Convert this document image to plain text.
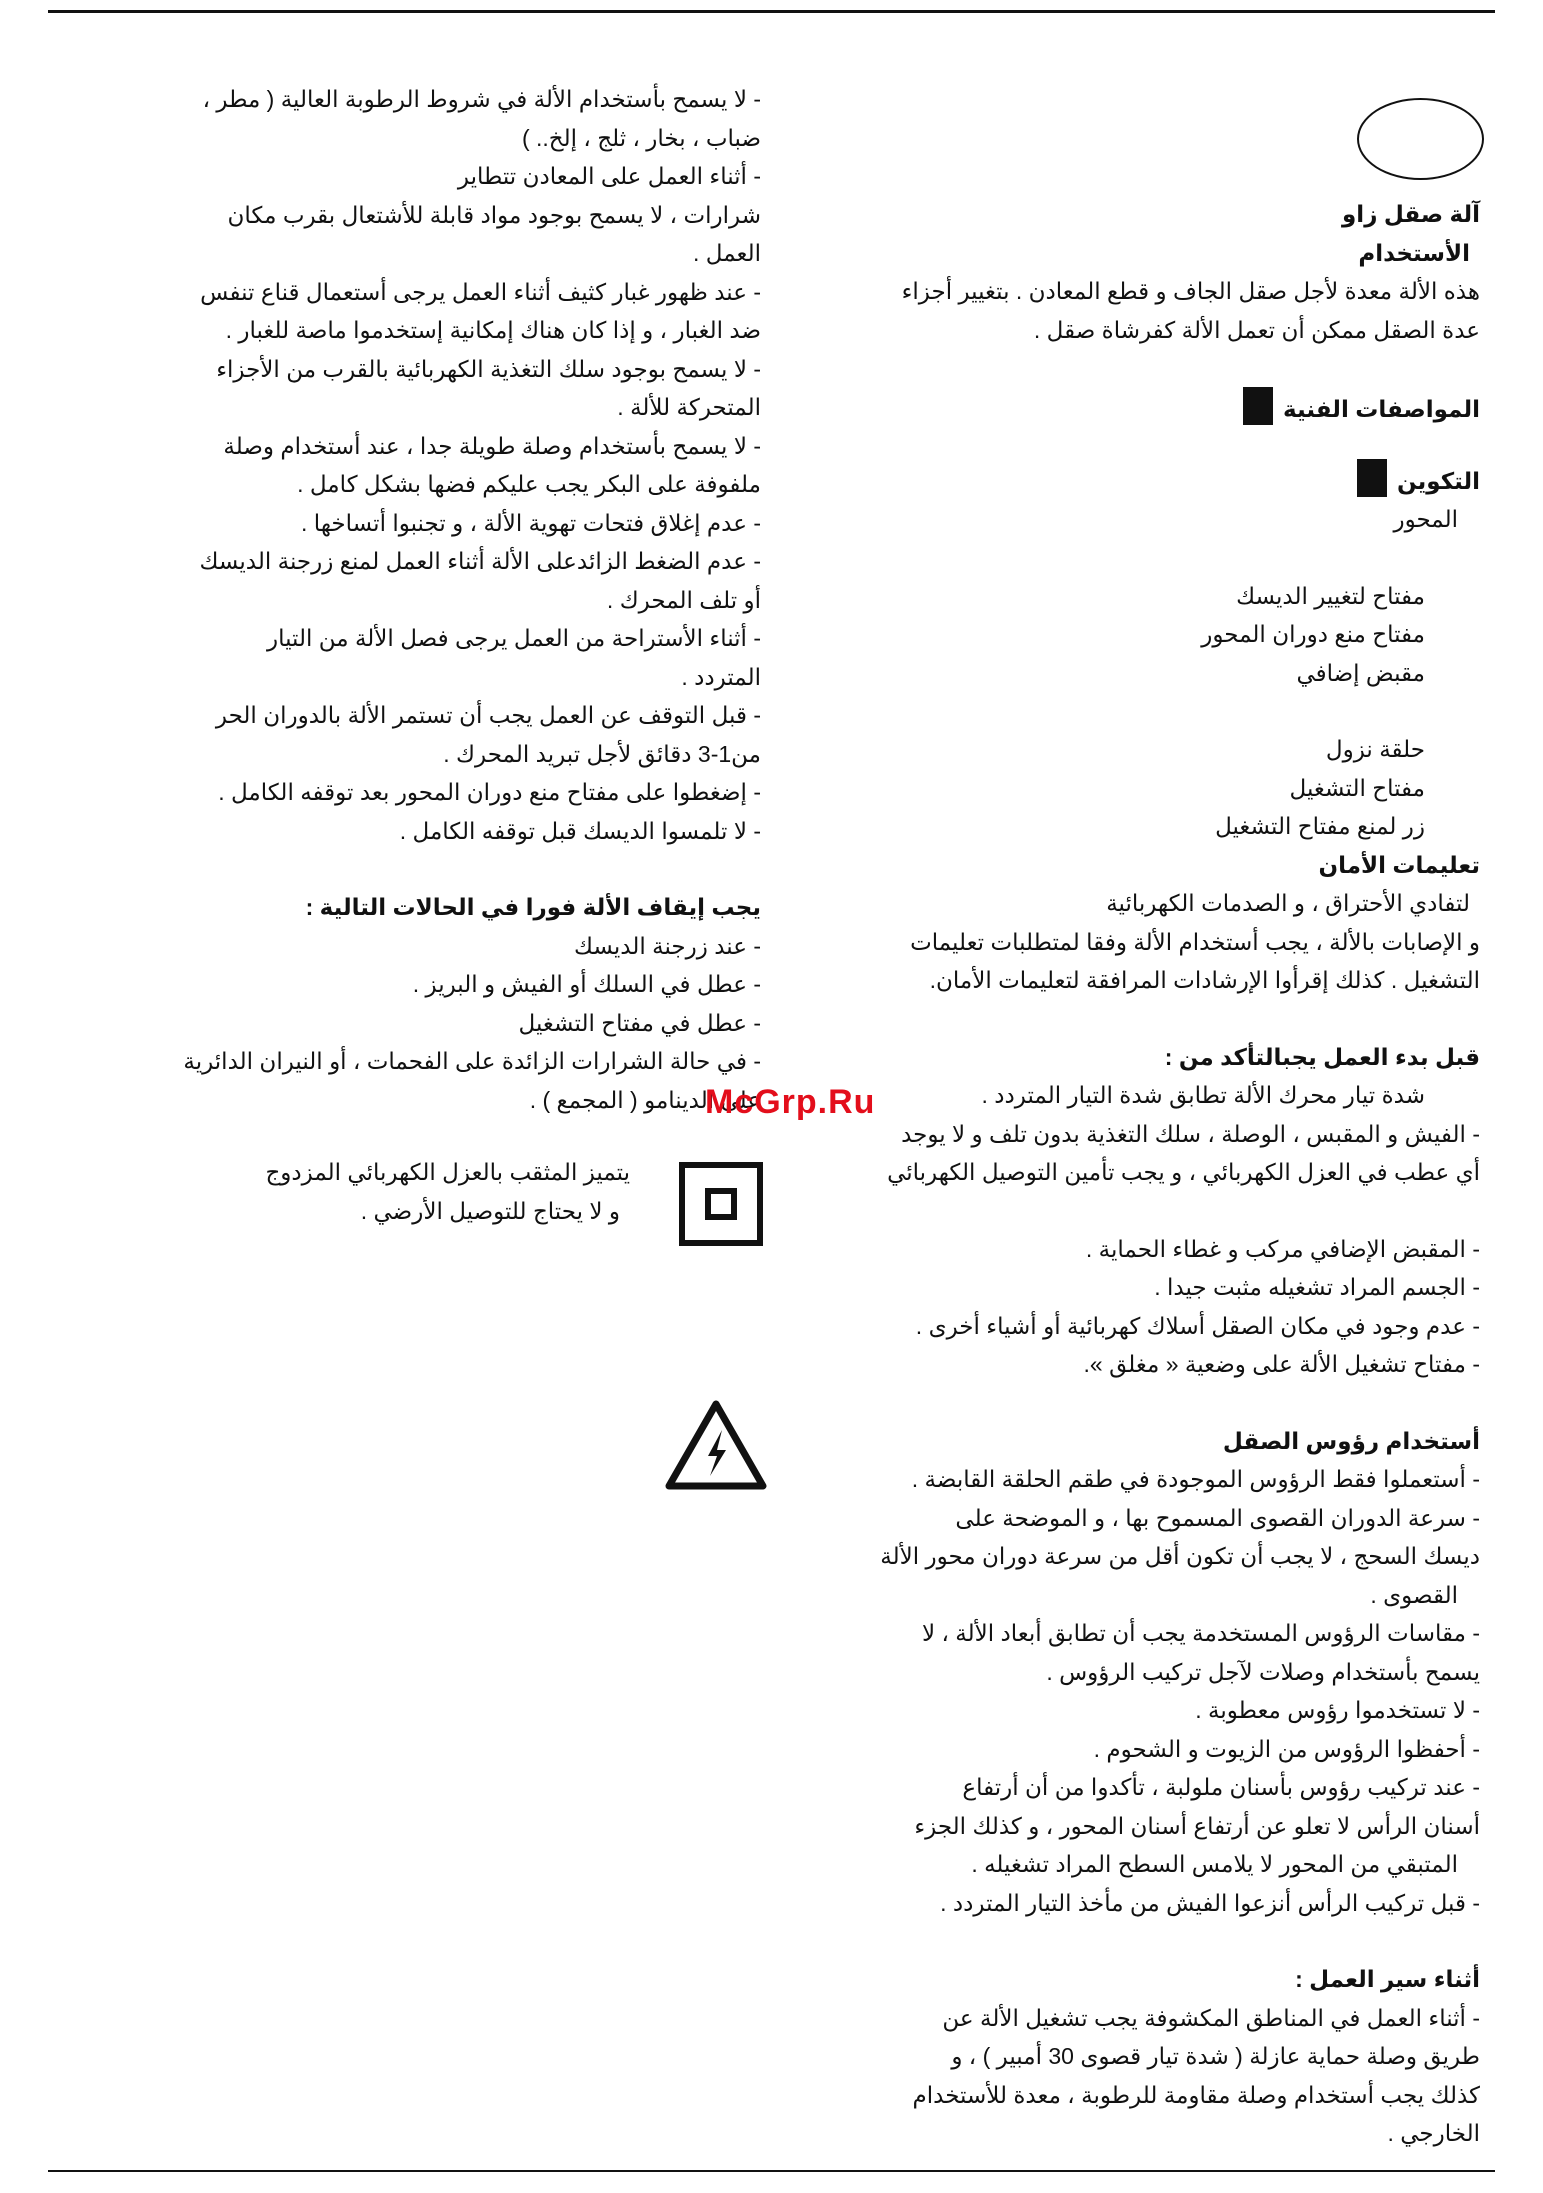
آلة صقل زاو

الأستخدام

هذه الألة معدة لأجل صقل الجاف و قطع المعادن . بتغيير أجزاء

عدة الصقل ممكن أن تعمل الألة كفرشاة صقل .

المواصفات الفنية

التكوين

المحور

مفتاح لتغيير الديسك

مفتاح منع دوران المحور

مقبض إضافي

حلقة نزول

مفتاح التشغيل

زر لمنع مفتاح التشغيل

تعليمات الأمان

لتفادي الأحتراق ، و الصدمات الكهربائية

و الإصابات بالألة ، يجب أستخدام الألة وفقا لمتطلبات تعليمات

التشغيل . كذلك إقرأوا الإرشادات المرافقة لتعليمات الأمان.

قبل بدء العمل يجبالتأكد من :

شدة تيار محرك الألة تطابق شدة التيار المتردد .

- الفيش و المقبس ، الوصلة ، سلك التغذية بدون تلف و لا يوجد

أي عطب في العزل الكهربائي ، و يجب تأمين التوصيل الكهربائي

- المقبض الإضافي مركب و غطاء الحماية .

- الجسم المراد تشغيله مثبت جيدا .

- عدم وجود في مكان الصقل أسلاك كهربائية أو أشياء أخرى .

- مفتاح تشغيل الألة على وضعية « مغلق ».

أستخدام رؤوس الصقل

- أستعملوا فقط الرؤوس الموجودة في طقم الحلقة القابضة .

- سرعة الدوران القصوى المسموح بها ، و الموضحة على

ديسك السحج ، لا يجب أن تكون أقل من سرعة دوران محور الألة

القصوى .

- مقاسات الرؤوس المستخدمة يجب أن تطابق أبعاد الألة ، لا

يسمح بأستخدام وصلات لآجل تركيب الرؤوس .

- لا تستخدموا رؤوس معطوبة .

- أحفظوا الرؤوس من الزيوت و الشحوم .

- عند تركيب رؤوس بأسنان ملولبة ، تأكدوا من أن أرتفاع

أسنان الرأس لا تعلو عن أرتفاع أسنان المحور ، و كذلك الجزء

المتبقي من المحور لا يلامس السطح المراد تشغيله .

- قبل تركيب الرأس أنزعوا الفيش من مأخذ التيار المتردد .

أثناء سير العمل :

- أثناء العمل في المناطق المكشوفة يجب تشغيل الألة عن

طريق وصلة حماية عازلة ( شدة تيار قصوى 30 أمبير ) ، و

كذلك يجب أستخدام وصلة مقاومة للرطوبة ، معدة للأستخدام

الخارجي .

- لا يسمح بأستخدام الألة في شروط الرطوبة العالية ( مطر ،

ضباب ، بخار ، ثلج ، إلخ.. )

- أثناء العمل على المعادن تتطاير

شرارات ، لا يسمح بوجود مواد قابلة للأشتعال بقرب مكان

العمل .

- عند ظهور غبار كثيف أثناء العمل يرجى أستعمال قناع تنفس

ضد الغبار ، و إذا كان هناك إمكانية إستخدموا ماصة للغبار .

- لا يسمح بوجود سلك التغذية الكهربائية بالقرب من الأجزاء

المتحركة للألة .

- لا يسمح بأستخدام وصلة طويلة جدا ، عند أستخدام وصلة

ملفوفة على البكر يجب عليكم فضها بشكل كامل .

- عدم إغلاق فتحات تهوية الألة ، و تجنبوا أتساخها .

- عدم الضغط الزائدعلى الألة أثناء العمل لمنع زرجنة الديسك

أو تلف المحرك .

- أثناء الأستراحة من العمل يرجى فصل الألة من التيار

المتردد .

- قبل التوقف عن العمل يجب أن تستمر الألة بالدوران الحر

من1-3 دقائق لأجل تبريد المحرك .

- إضغطوا على مفتاح منع دوران المحور بعد توقفه الكامل .

- لا تلمسوا الديسك قبل توقفه الكامل .

يجب إيقاف الألة فورا في الحالات التالية :

- عند زرجنة الديسك

- عطل في السلك أو الفيش و البريز .

- عطل في مفتاح التشغيل

- في حالة الشرارات الزائدة على الفحمات ، أو النيران الدائرية

على الدينامو ( المجمع ) .

يتميز المثقب بالعزل الكهربائي المزدوج

و لا يحتاج للتوصيل الأرضي .

McGrp.Ru
